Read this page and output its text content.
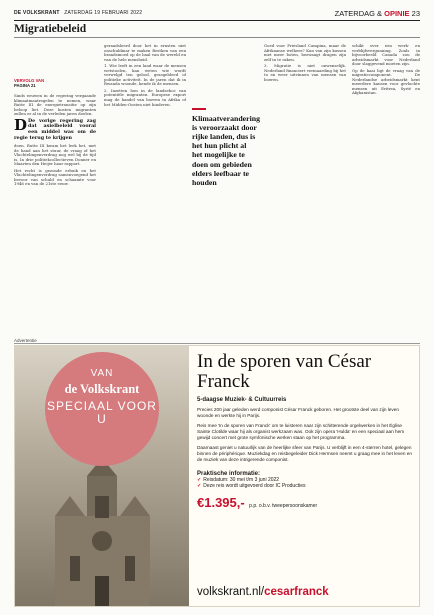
DE VOLKSKRANT ZATERDAG 19 FEBRUARI 2022	ZATERDAG & OPINIE 23
Migratiebeleid
VERVOLG VAN
PAGINA 21

Sinds eeuwen in de regering vergaande klimaatmaatregelen te nemen, waar Rutte III de energietransitie op zijn beloop liet. Deze kosten migranten zullen er al in de verleden jaren doelen.

D De vorige regering zag dat asielbeleid vooral een middel was om de regie terug te krijgen

doen. Rutte III kwam het leek het, met de hand aan het stuur, de vraag of het Vluchtelingenverdrag nog wel bij de tijd is. In drie politiekcollectieven Donner en Maarten den Heijer haar rapport.

Het recht is gezonde erbuik en het Vluchtelingenverdrag samenvoegend het bevoor van schuld en schaamte voor 1946 en van de 21ste eeuw.

geraadsleerd door het in ernsten niet onschuldmar te maken Bestken van een brandsmoed op de baal van de wereld en van de hele mensheid.

1. Wie leeft in een land waar de mensen wetstoolen, kan weten wie wordt verwelgd ten geloof, grasgebleed of politieke activiteit. In de jaren dat ik in Rwanda woonde, kende ik de mensen.

2. Inzetten hen in de landsehoc van potentiële migranten. Europese export mag de handel van boeren in Afrika of het Midden-Oosten niet hinderen.

Klimaatverandering is veroorzaakt door rijke landen, dus is het hun plicht al het mogelijke te doen om gebieden elders leefbaar te houden

Goed voor Friesland Campina, maar de Afrikaanse welhees? Kan van zijn kussen met meer boten, bezwaagt dragen zijn zelf in te raken.

3. Migratie is niet onwenselijk. Nederland financiert vermaarding bij het to en weer uitvinnen van mensen van boeren.

schikt over een werk- en verblijfsvergunning. Zoals in bijvoorbeeld Canada zou de arbeidsmarkt voor Nederland door slaggevend moeten zijn.

Op de kaai ligt de vraag van de migratiecomponent. De Nederlandse arbeidsmarkt kent meerdere kansen voor gevluchte mensen uit Eritrea, Syrië en Afghanistan.

Advertentie
VAN
de Volkskrant
SPECIAAL VOOR U
In de sporen van César Franck
5-daagse Muziek- & Cultuurreis
Precies 200 jaar geleden werd componist César Franck geboren. Het grootste deel van zijn leven woonde en werkte hij in Parijs.
Reis mee 'In de sporen van Franck' om te luisteren naar zijn schitterende orgelwerken in het Église Sainte Clotilde waar hij als organist werkzaam was. Ook zijn opera 'Hulda' en een speciaal aan hem gewijd concert met grote symfonische werken staan op het programma.
Daarnaast geniet u natuurlijk van de heerlijke sfeer van Parijs. U verblijft in een 4-sterren hotel, gelegen binnen de périphérique. Muziekdag en reisbegeleider Dick Hermsen neemt u graag mee in het leven en de muziek van deze intrigerende componist.
Praktische informatie:
✓ Reisdatum: 30 mei t/m 3 juni 2022
✓ Deze reis wordt uitgevoerd door IC Producties
€1.395,- p.p. o.b.v. tweepersoonskamer
volkskrant.nl/cesarfranck
